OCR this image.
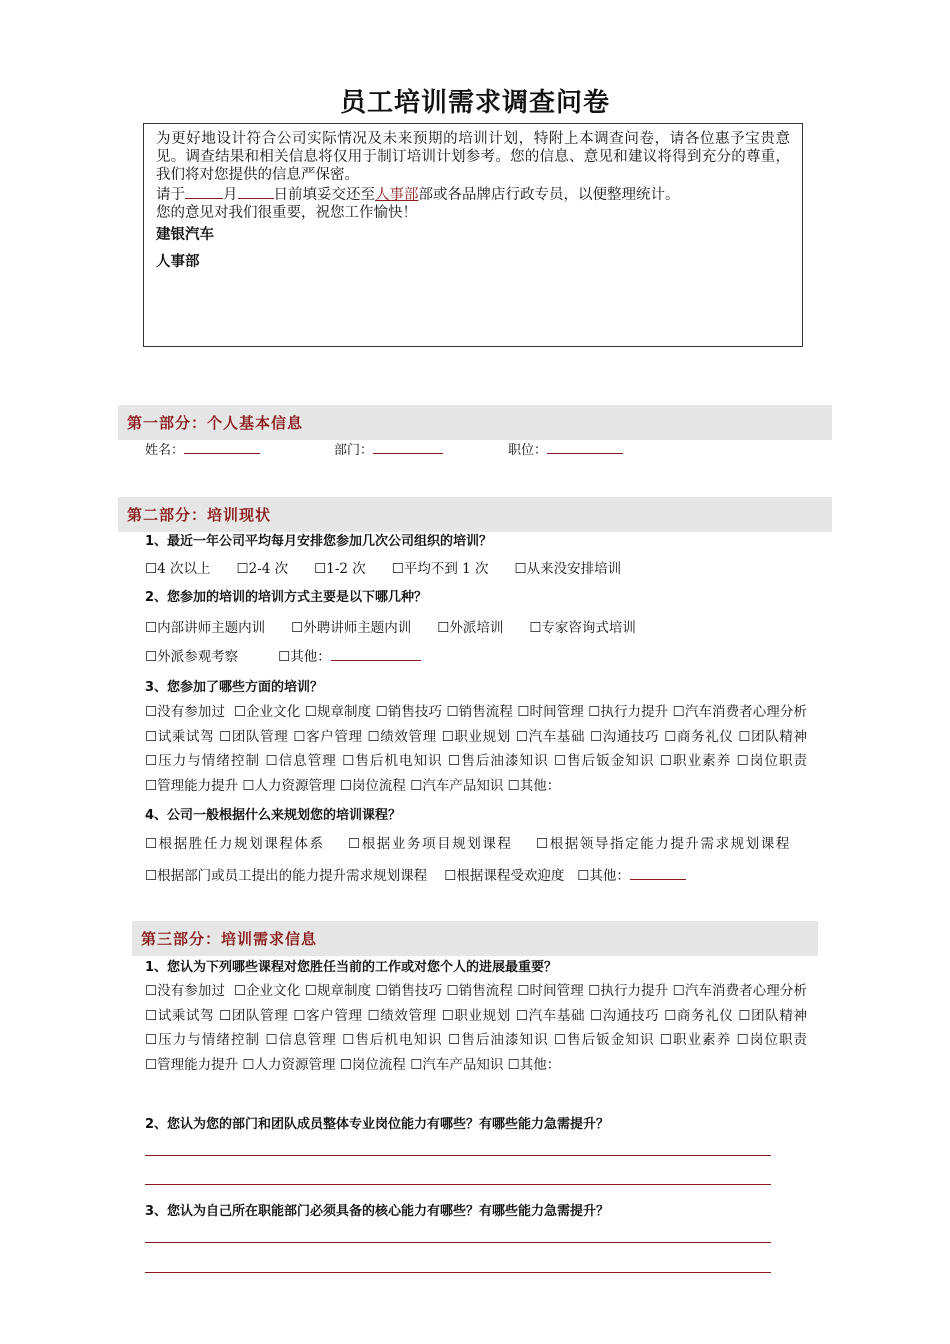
员工培训需求调查问卷

为更好地设计符合公司实际情况及未来预期的培训计划，特附上本调查问卷，请各位惠予宝贵意见。调查结果和相关信息将仅用于制订培训计划参考。您的信息、意见和建议将得到充分的尊重，我们将对您提供的信息严保密。

请于	月 日前填妥交还至人事部部或各品牌店行政专员，以便整理统计。

您的意见对我们很重要，祝您工作愉快！

建银汽车

人事部

第一部分：个人基本信息
姓名：	部门：	职位：
1、最近一年公司平均每月安排您参加几次公司组织的培训？
第二部分：培训现状
☐4 次以上 ☐2-4 次 ☐1-2 次 ☐平均不到 1 次 ☐从来没安排培训
2、您参加的培训的培训方式主要是以下哪几种？
☐内部讲师主题内训 ☐外聘讲师主题内训 ☐外派培训 ☐专家咨询式培训
☐外派参观考察	☐其他：
3、您参加了哪些方面的培训？
☐没有参加过 ☐企业文化 ☐规章制度 ☐销售技巧 ☐销售流程 ☐时间管理 ☐执行力提升 ☐汽车消费者心理分析 ☐试乘试驾 ☐团队管理 ☐客户管理 ☐绩效管理 ☐职业规划 ☐汽车基础 ☐沟通技巧 ☐商务礼仪 ☐团队精神 ☐压力与情绪控制 ☐信息管理 ☐售后机电知识 ☐售后油漆知识 ☐售后钣金知识 ☐职业素养 ☐岗位职责 ☐管理能力提升 ☐人力资源管理 ☐岗位流程 ☐汽车产品知识 ☐其他：
4、公司一般根据什么来规划您的培训课程？
☐根据胜任力规划课程体系 ☐根据业务项目规划课程 ☐根据领导指定能力提升需求规划课程    ☐根据部门或员工提出的能力提升需求规划课程 ☐根据课程受欢迎度 ☐其他：
第三部分：培训需求信息
1、您认为下列哪些课程对您胜任当前的工作或对您个人的进展最重要？
☐没有参加过 ☐企业文化 ☐规章制度 ☐销售技巧 ☐销售流程 ☐时间管理 ☐执行力提升 ☐汽车消费者心理分析 ☐试乘试驾 ☐团队管理 ☐客户管理 ☐绩效管理 ☐职业规划 ☐汽车基础 ☐沟通技巧 ☐商务礼仪 ☐团队精神 ☐压力与情绪控制 ☐信息管理 ☐售后机电知识 ☐售后油漆知识 ☐售后钣金知识 ☐职业素养 ☐岗位职责 ☐管理能力提升 ☐人力资源管理 ☐岗位流程 ☐汽车产品知识 ☐其他：
2、您认为您的部门和团队成员整体专业岗位能力有哪些？有哪些能力急需提升？
3、您认为自己所在职能部门必须具备的核心能力有哪些？有哪些能力急需提升？
